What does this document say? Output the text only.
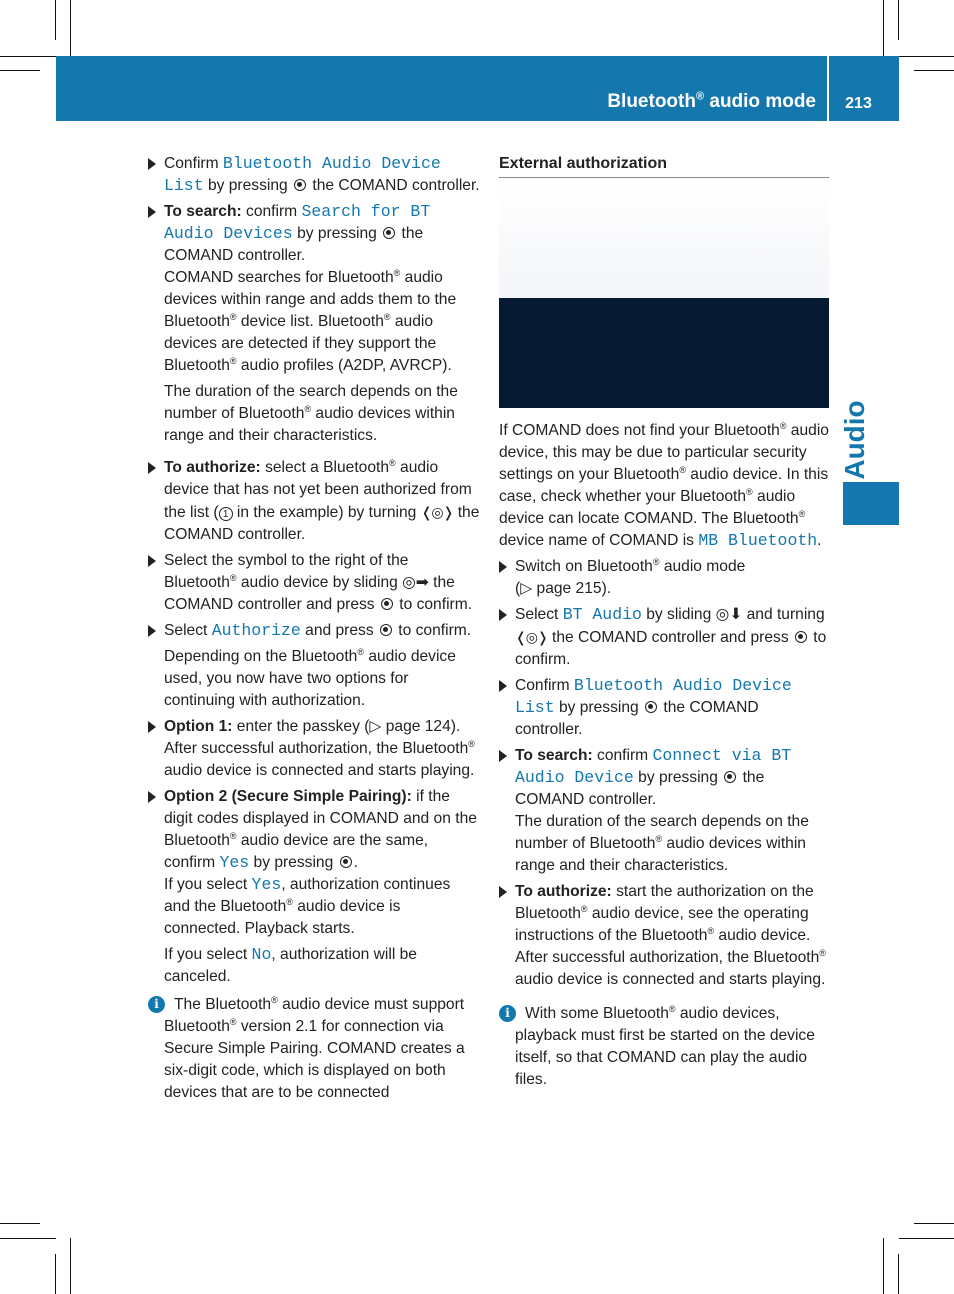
Bluetooth® audio mode	213
Audio
Confirm Bluetooth Audio Device List by pressing  the COMAND controller.
To search: confirm Search for BT Audio Devices by pressing  the COMAND controller.
COMAND searches for Bluetooth® audio devices within range and adds them to the Bluetooth® device list. Bluetooth® audio devices are detected if they support the Bluetooth® audio profiles (A2DP, AVRCP).
The duration of the search depends on the number of Bluetooth® audio devices within range and their characteristics.
To authorize: select a Bluetooth® audio device that has not yet been authorized from the list ( 1 in the example) by turning ❬◎❭ the COMAND controller.
Select the symbol to the right of the Bluetooth® audio device by sliding ◎➡ the COMAND controller and press  to confirm.
Select Authorize and press  to confirm.
Depending on the Bluetooth® audio device used, you now have two options for continuing with authorization.
Option 1: enter the passkey (▷ page 124).
After successful authorization, the Bluetooth® audio device is connected and starts playing.
Option 2 (Secure Simple Pairing): if the digit codes displayed in COMAND and on the Bluetooth® audio device are the same, confirm Yes by pressing .
If you select Yes, authorization continues and the Bluetooth® audio device is connected. Playback starts.
If you select No, authorization will be canceled.
i The Bluetooth® audio device must support Bluetooth® version 2.1 for connection via Secure Simple Pairing. COMAND creates a six-digit code, which is displayed on both devices that are to be connected
External authorization
If COMAND does not find your Bluetooth® audio device, this may be due to particular security settings on your Bluetooth® audio device. In this case, check whether your Bluetooth® audio device can locate COMAND. The Bluetooth® device name of COMAND is MB Bluetooth.
Switch on Bluetooth® audio mode
(▷ page 215).
Select BT Audio by sliding ◎⬇ and turning ❬◎❭ the COMAND controller and press  to confirm.
Confirm Bluetooth Audio Device List by pressing  the COMAND controller.
To search: confirm Connect via BT Audio Device by pressing  the COMAND controller.
The duration of the search depends on the number of Bluetooth® audio devices within range and their characteristics.
To authorize: start the authorization on the Bluetooth® audio device, see the operating instructions of the Bluetooth® audio device.
After successful authorization, the Bluetooth® audio device is connected and starts playing.
i With some Bluetooth® audio devices, playback must first be started on the device itself, so that COMAND can play the audio files.
